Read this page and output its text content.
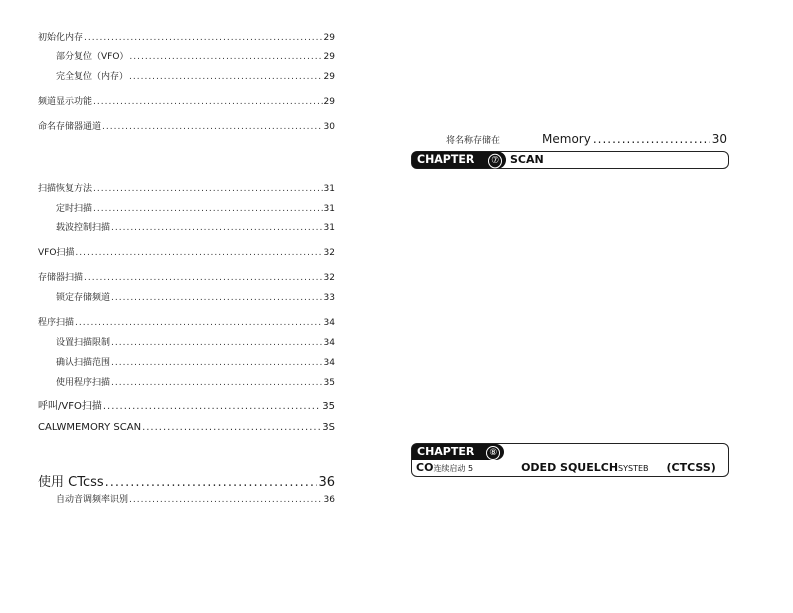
初始化内存 .....	29
部分复位（VFO） .....	29
完全复位（内存） .....	29
频道显示功能 .....	29
命名存储器通道 .....	30
扫描恢复方法 .....	31
定时扫描 .....	31
载波控制扫描 .....	31
VFO扫描 .....	32
存储器扫描 .....	32
锁定存储频道 .....	33
程序扫描 .....	34
设置扫描限制 .....	34
确认扫描范围 .....	34
使用程序扫描 .....	35
呼叫/VFO扫描 .....	35
CALWMEMORY SCAN .....	3S
使用 CTcss .....	36
自动音调频率识别 .....	36
将名称存储在	Memory .....	30
CHAPTER ⑦ SCAN
CHAPTER ⑧
CO连续启动 5	ODED SQUELCHSYSTEB (CTCSS)
